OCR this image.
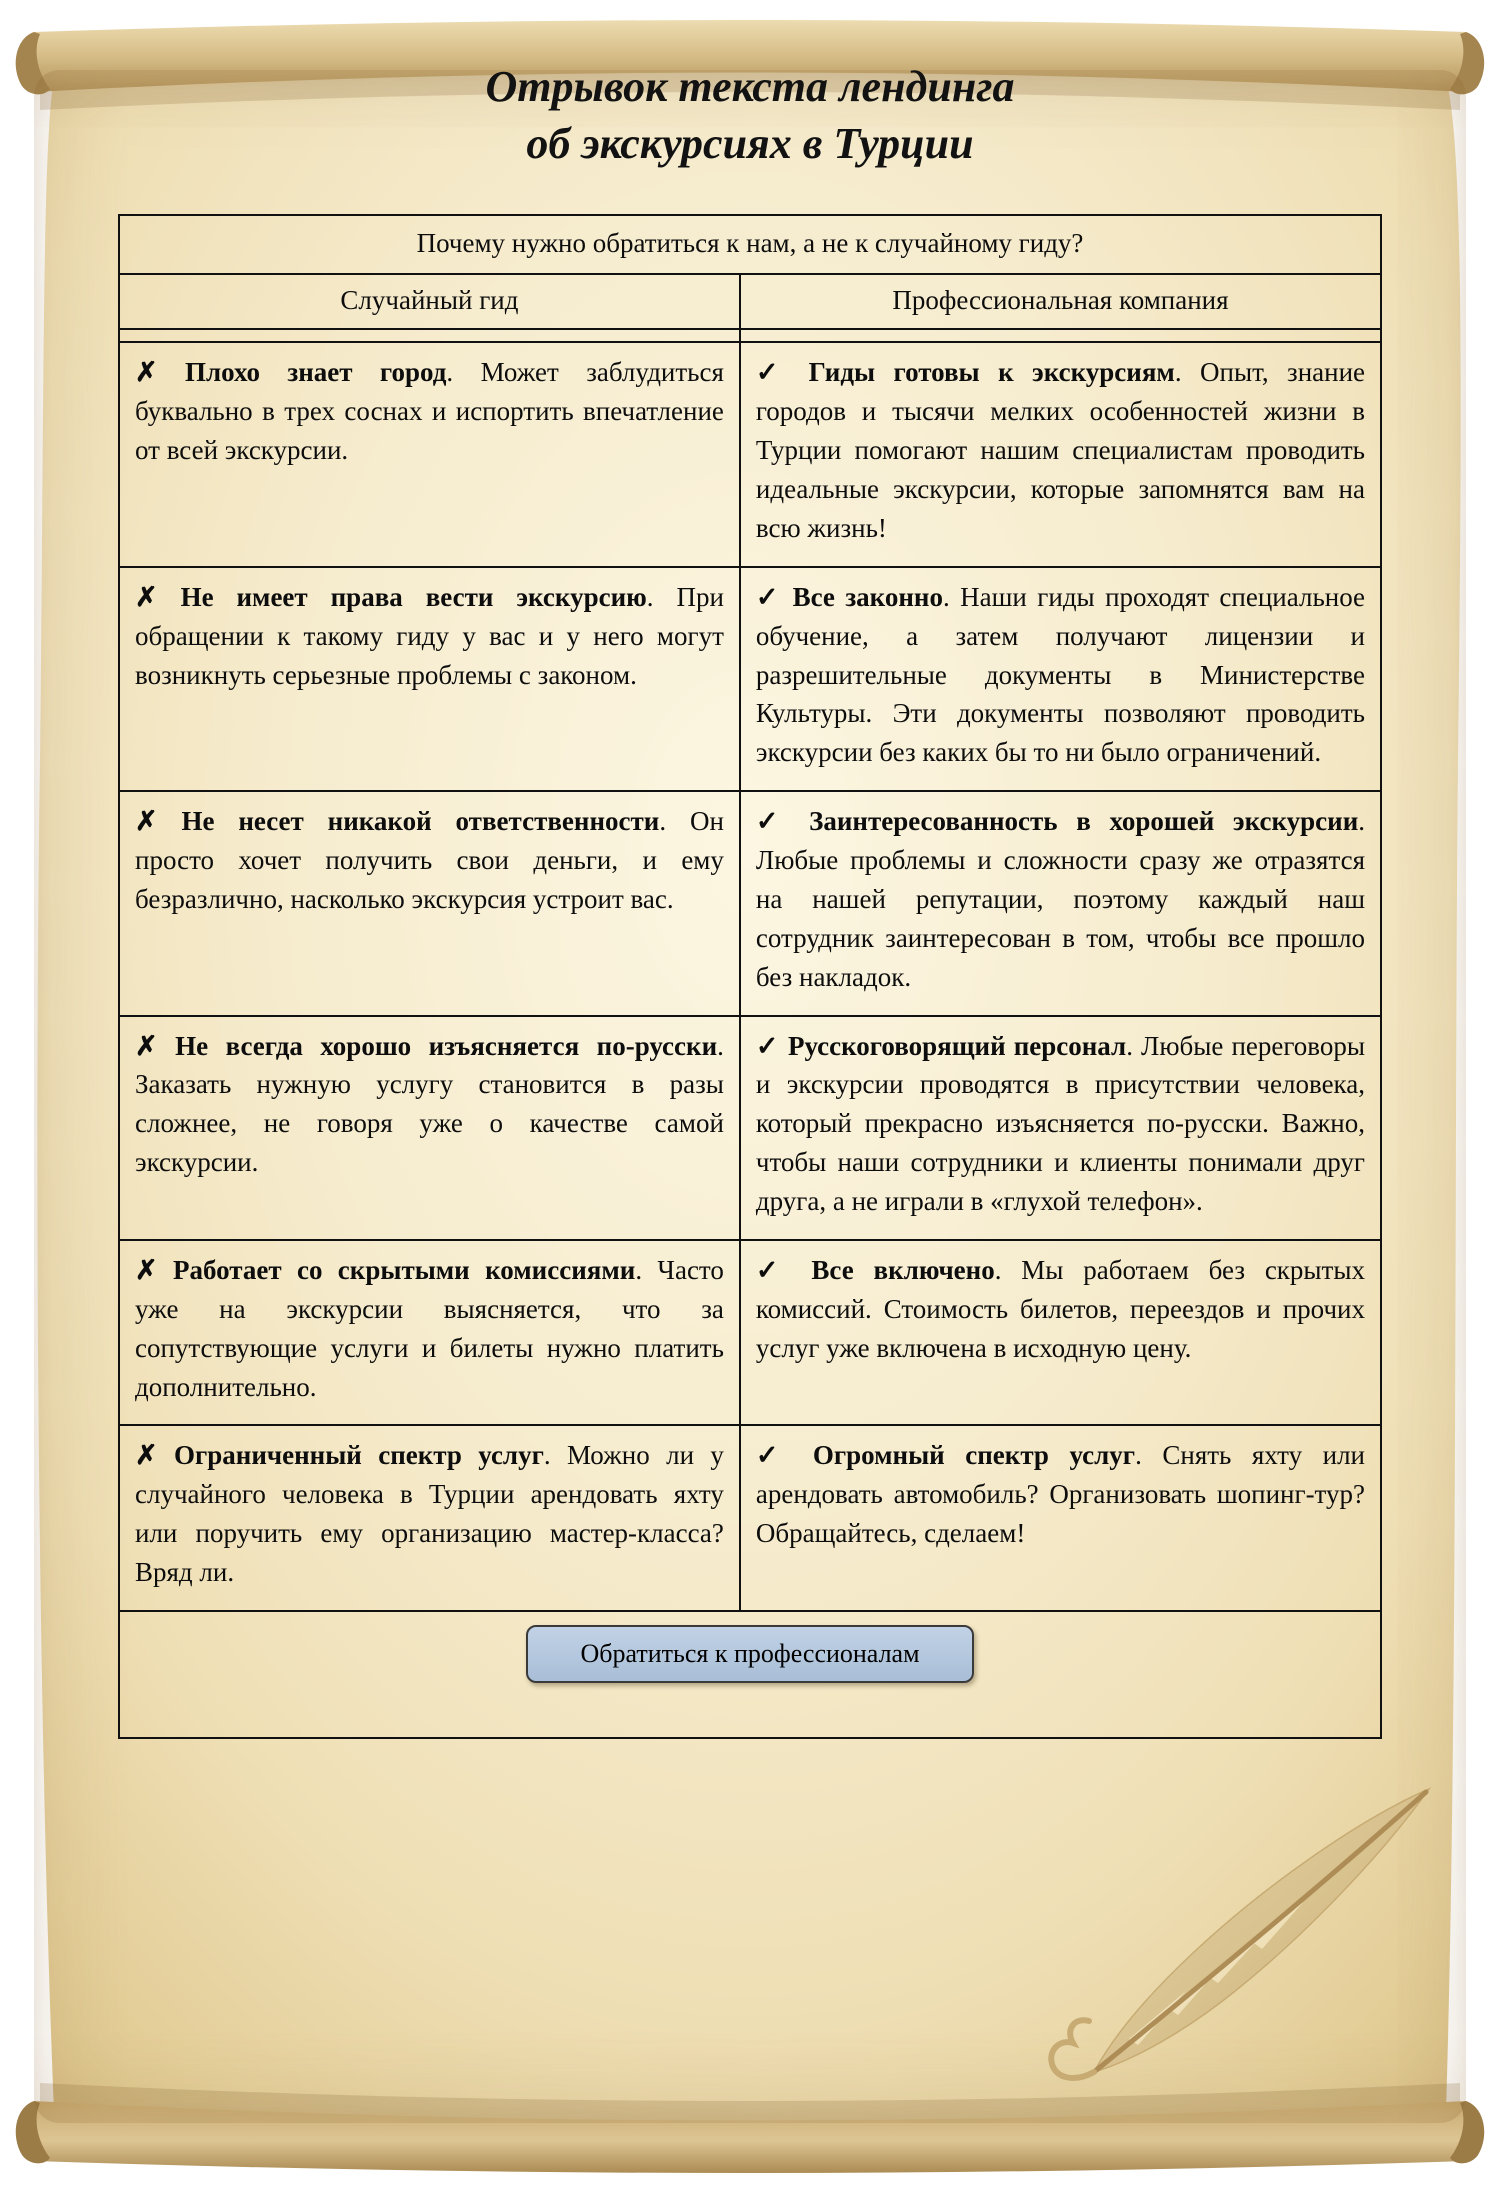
Отрывок текста лендинга
об экскурсиях в Турции
Почему нужно обратиться к нам, а не к случайному гиду?	
Случайный гид	Профессиональная компания

✗ Плохо знает город. Может заблудиться буквально в трех соснах и испортить впечатление от всей экскурсии.	✓ Гиды готовы к экскурсиям. Опыт, знание городов и тысячи мелких особенностей жизни в Турции помогают нашим специалистам проводить идеальные экскурсии, которые запомнятся вам на всю жизнь!
✗ Не имеет права вести экскурсию. При обращении к такому гиду у вас и у него могут возникнуть серьезные проблемы с законом.	✓ Все законно. Наши гиды проходят специальное обучение, а затем получают лицензии и разрешительные документы в Министерстве Культуры. Эти документы позволяют проводить экскурсии без каких бы то ни было ограничений.
✗ Не несет никакой ответственности. Он просто хочет получить свои деньги, и ему безразлично, насколько экскурсия устроит вас.	✓ Заинтересованность в хорошей экскурсии. Любые проблемы и сложности сразу же отразятся на нашей репутации, поэтому каждый наш сотрудник заинтересован в том, чтобы все прошло без накладок.
✗ Не всегда хорошо изъясняется по-русски. Заказать нужную услугу становится в разы сложнее, не говоря уже о качестве самой экскурсии.	✓ Русскоговорящий персонал. Любые переговоры и экскурсии проводятся в присутствии человека, который прекрасно изъясняется по-русски. Важно, чтобы наши сотрудники и клиенты понимали друг друга, а не играли в «глухой телефон».
✗ Работает со скрытыми комиссиями. Часто уже на экскурсии выясняется, что за сопутствующие услуги и билеты нужно платить дополнительно.	✓ Все включено. Мы работаем без скрытых комиссий. Стоимость билетов, переездов и прочих услуг уже включена в исходную цену.
✗ Ограниченный спектр услуг. Можно ли у случайного человека в Турции арендовать яхту или поручить ему организацию мастер-класса? Вряд ли.	✓ Огромный спектр услуг. Снять яхту или арендовать автомобиль? Организовать шопинг-тур? Обращайтесь, сделаем!
Обратиться к профессионалам	
